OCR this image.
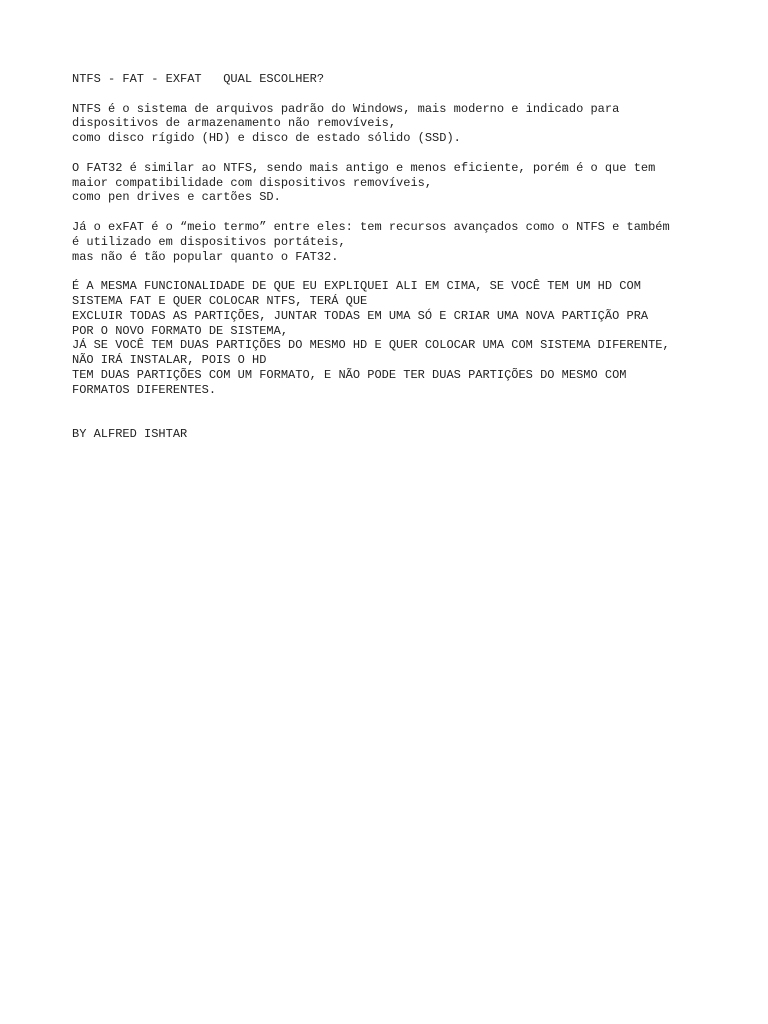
NTFS - FAT - EXFAT   QUAL ESCOLHER?
NTFS é o sistema de arquivos padrão do Windows, mais moderno e indicado para
dispositivos de armazenamento não removíveis,
como disco rígido (HD) e disco de estado sólido (SSD).
O FAT32 é similar ao NTFS, sendo mais antigo e menos eficiente, porém é o que tem
maior compatibilidade com dispositivos removíveis,
como pen drives e cartões SD.
Já o exFAT é o “meio termo” entre eles: tem recursos avançados como o NTFS e também
é utilizado em dispositivos portáteis,
mas não é tão popular quanto o FAT32.
É A MESMA FUNCIONALIDADE DE QUE EU EXPLIQUEI ALI EM CIMA, SE VOCÊ TEM UM HD COM
SISTEMA FAT E QUER COLOCAR NTFS, TERÁ QUE
EXCLUIR TODAS AS PARTIÇÕES, JUNTAR TODAS EM UMA SÓ E CRIAR UMA NOVA PARTIÇÃO PRA
POR O NOVO FORMATO DE SISTEMA,
JÁ SE VOCÊ TEM DUAS PARTIÇÕES DO MESMO HD E QUER COLOCAR UMA COM SISTEMA DIFERENTE,
NÃO IRÁ INSTALAR, POIS O HD
TEM DUAS PARTIÇÕES COM UM FORMATO, E NÃO PODE TER DUAS PARTIÇÕES DO MESMO COM
FORMATOS DIFERENTES.
BY ALFRED ISHTAR
